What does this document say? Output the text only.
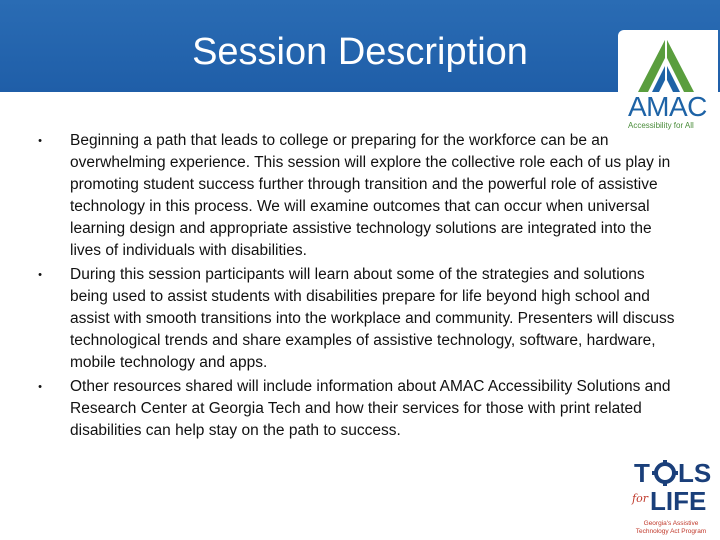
Session Description
AMAC
Accessibility for All
• Beginning a path that leads to college or preparing for the workforce can be an overwhelming experience. This session will explore the collective role each of us play in promoting student success further through transition and the powerful role of assistive technology in this process. We will examine outcomes that can occur when universal learning design and appropriate assistive technology solutions are integrated into the lives of individuals with disabilities.
• During this session participants will learn about some of the strategies and solutions being used to assist students with disabilities prepare for life beyond high school and assist with smooth transitions into the workplace and community. Presenters will discuss technological trends and share examples of assistive technology, software, hardware, mobile technology and apps.
• Other resources shared will include information about AMAC Accessibility Solutions and Research Center at Georgia Tech and how their services for those with print related disabilities can help stay on the path to success.
T LS
for LIFE
Georgia's Assistive Technology Act Program
